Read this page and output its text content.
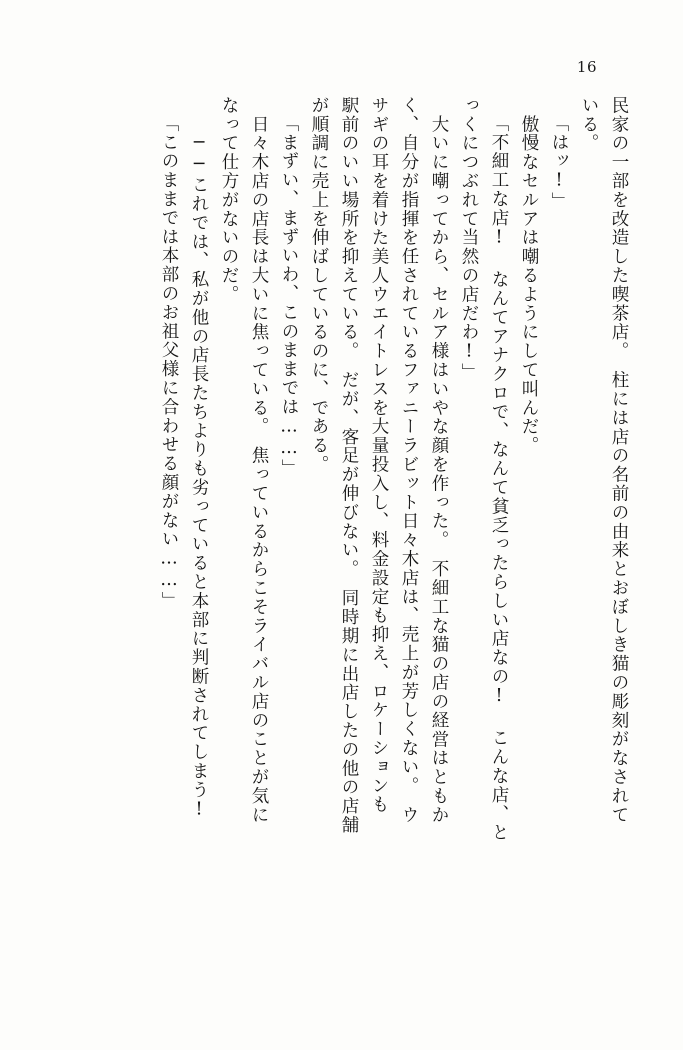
16
民家の一部を改造した喫茶店。　柱には店の名前の由来とおぼしき猫の彫刻がなされて
いる。
「はッ!」
　傲慢なセルアは嘲るようにして叫んだ。
「不細工な店! なんてアナクロで、なんて貧乏ったらしい店なの! こんな店、と
っくにつぶれて当然の店だわ!」
　大いに嘲ってから、セルア様はいやな顔を作った。　不細工な猫の店の経営はともか
く、自分が指揮を任されているファニーラビット日々木店は、売上が芳しくない。　ウ
サギの耳を着けた美人ウエイトレスを大量投入し、料金設定も抑え、ロケーションも
駅前のいい場所を抑えている。　だが、客足が伸びない。　同時期に出店したの他の店舗
が順調に売上を伸ばしているのに、である。
「まずい、まずいわ、このままでは……」
　日々木店の店長は大いに焦っている。　焦っているからこそライバル店のことが気に
なって仕方がないのだ。
　──これでは、私が他の店長たちよりも劣っていると本部に判断されてしまう!
「このままでは本部のお祖父様に合わせる顔がない……」
